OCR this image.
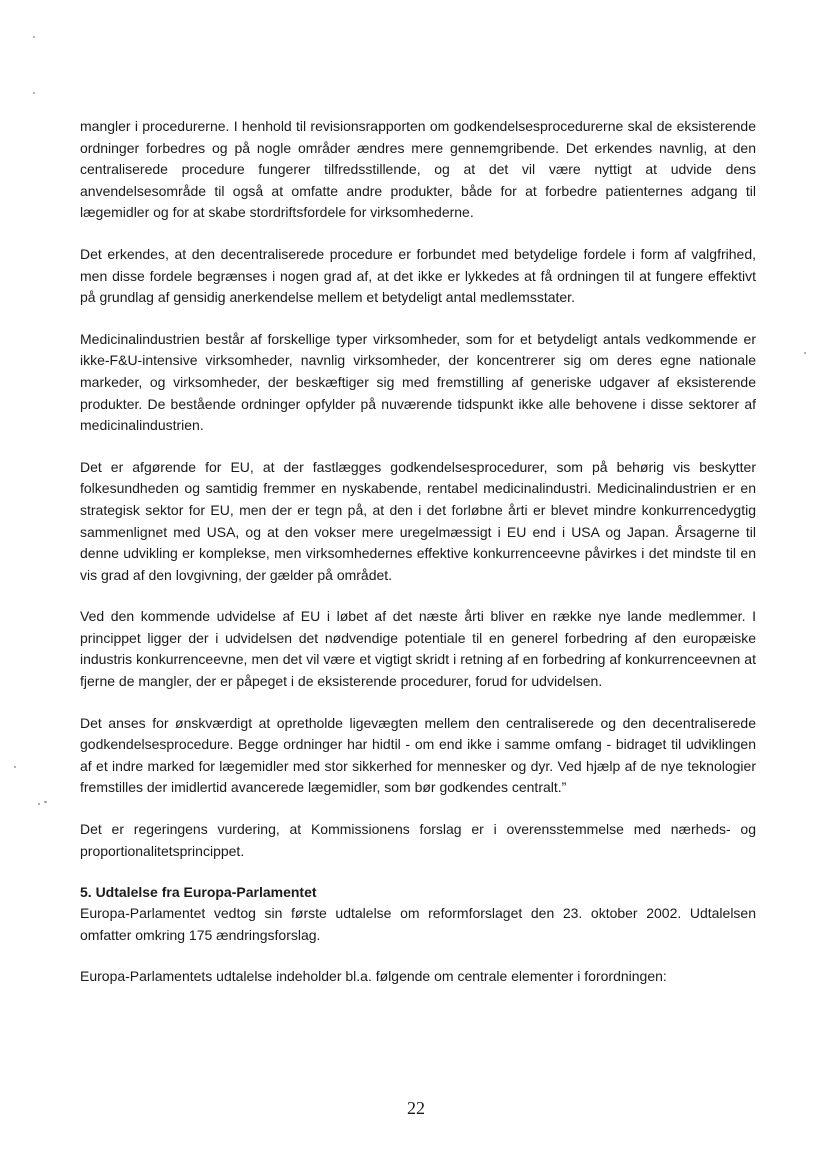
mangler i procedurerne. I henhold til revisionsrapporten om godkendelsesprocedurerne skal de eksisterende ordninger forbedres og på nogle områder ændres mere gennemgribende. Det erkendes navnlig, at den centraliserede procedure fungerer tilfredsstillende, og at det vil være nyttigt at udvide dens anvendelsesområde til også at omfatte andre produkter, både for at forbedre patienternes adgang til lægemidler og for at skabe stordriftsfordele for virksomhederne.

Det erkendes, at den decentraliserede procedure er forbundet med betydelige fordele i form af valgfrihed, men disse fordele begrænses i nogen grad af, at det ikke er lykkedes at få ordningen til at fungere effektivt på grundlag af gensidig anerkendelse mellem et betydeligt antal medlemsstater.

Medicinalindustrien består af forskellige typer virksomheder, som for et betydeligt antals vedkommende er ikke-F&U-intensive virksomheder, navnlig virksomheder, der koncentrerer sig om deres egne nationale markeder, og virksomheder, der beskæftiger sig med fremstilling af generiske udgaver af eksisterende produkter. De bestående ordninger opfylder på nuværende tidspunkt ikke alle behovene i disse sektorer af medicinalindustrien.

Det er afgørende for EU, at der fastlægges godkendelsesprocedurer, som på behørig vis beskytter folkesundheden og samtidig fremmer en nyskabende, rentabel medicinalindustri. Medicinalindustrien er en strategisk sektor for EU, men der er tegn på, at den i det forløbne årti er blevet mindre konkurrencedygtig sammenlignet med USA, og at den vokser mere uregelmæssigt i EU end i USA og Japan. Årsagerne til denne udvikling er komplekse, men virksomhedernes effektive konkurrenceevne påvirkes i det mindste til en vis grad af den lovgivning, der gælder på området.

Ved den kommende udvidelse af EU i løbet af det næste årti bliver en række nye lande medlemmer. I princippet ligger der i udvidelsen det nødvendige potentiale til en generel forbedring af den europæiske industris konkurrenceevne, men det vil være et vigtigt skridt i retning af en forbedring af konkurrenceevnen at fjerne de mangler, der er påpeget i de eksisterende procedurer, forud for udvidelsen.

Det anses for ønskværdigt at opretholde ligevægten mellem den centraliserede og den decentraliserede godkendelsesprocedure. Begge ordninger har hidtil - om end ikke i samme omfang - bidraget til udviklingen af et indre marked for lægemidler med stor sikkerhed for mennesker og dyr. Ved hjælp af de nye teknologier fremstilles der imidlertid avancerede lægemidler, som bør godkendes centralt.”

Det er regeringens vurdering, at Kommissionens forslag er i overensstemmelse med nærheds- og proportionalitetsprincippet.

5. Udtalelse fra Europa-Parlamentet

Europa-Parlamentet vedtog sin første udtalelse om reformforslaget den 23. oktober 2002. Udtalelsen omfatter omkring 175 ændringsforslag.

Europa-Parlamentets udtalelse indeholder bl.a. følgende om centrale elementer i forordningen:

22
